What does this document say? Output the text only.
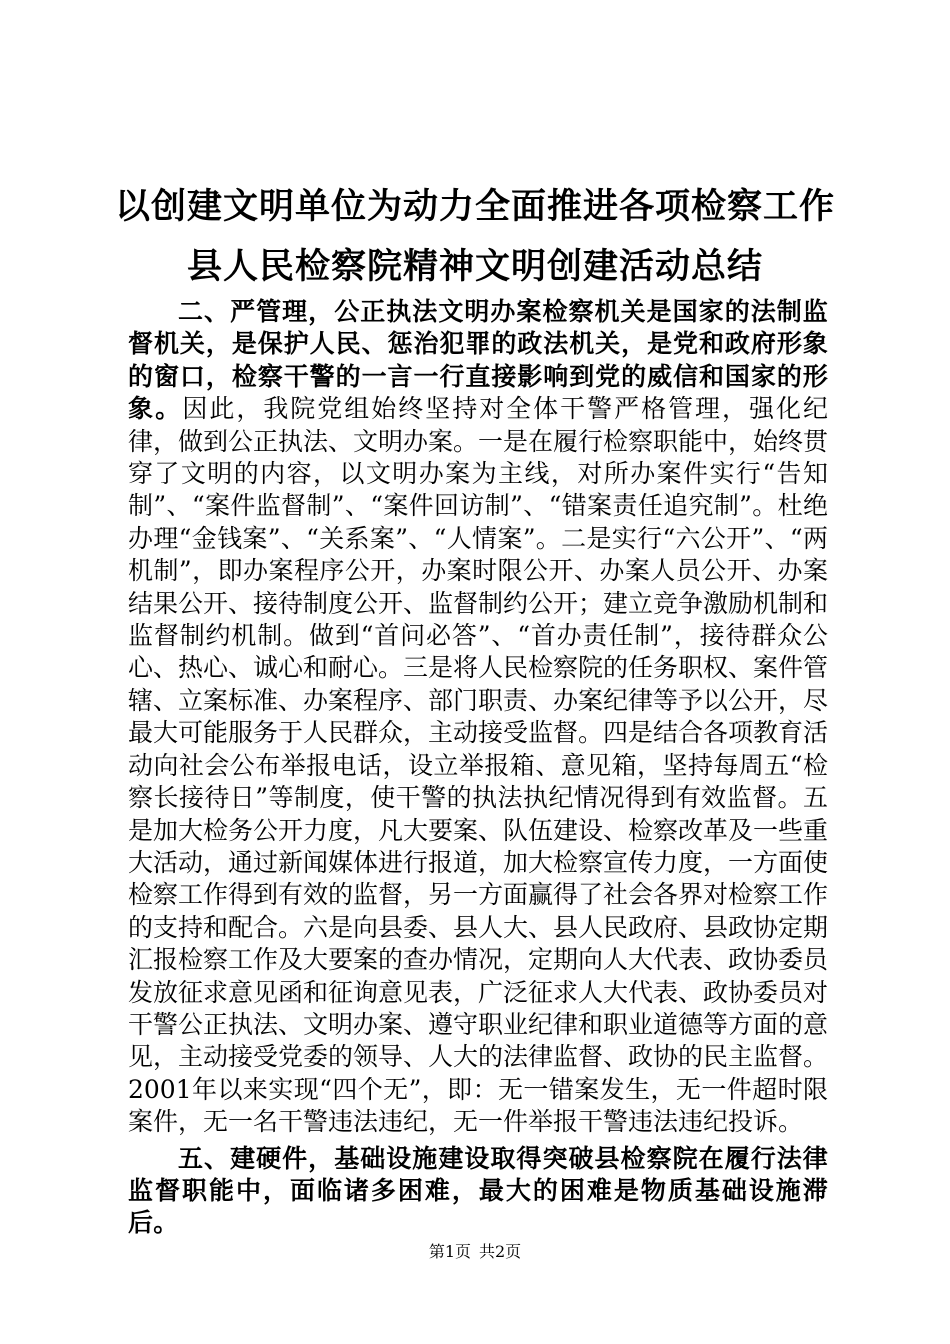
以创建文明单位为动力全面推进各项检察工作
县人民检察院精神文明创建活动总结

二、严管理，公正执法文明办案检察机关是国家的法制监督机关，是保护人民、惩治犯罪的政法机关，是党和政府形象的窗口，检察干警的一言一行直接影响到党的威信和国家的形象。因此，我院党组始终坚持对全体干警严格管理，强化纪律，做到公正执法、文明办案。一是在履行检察职能中，始终贯穿了文明的内容，以文明办案为主线，对所办案件实行“告知制”、“案件监督制”、“案件回访制”、“错案责任追究制”。杜绝办理“金钱案”、“关系案”、“人情案”。二是实行“六公开”、“两机制”，即办案程序公开，办案时限公开、办案人员公开、办案结果公开、接待制度公开、监督制约公开；建立竞争激励机制和监督制约机制。做到“首问必答”、“首办责任制”，接待群众公心、热心、诚心和耐心。三是将人民检察院的任务职权、案件管辖、立案标准、办案程序、部门职责、办案纪律等予以公开，尽最大可能服务于人民群众，主动接受监督。四是结合各项教育活动向社会公布举报电话，设立举报箱、意见箱，坚持每周五“检察长接待日”等制度，使干警的执法执纪情况得到有效监督。五是加大检务公开力度，凡大要案、队伍建设、检察改革及一些重大活动，通过新闻媒体进行报道，加大检察宣传力度，一方面使检察工作得到有效的监督，另一方面赢得了社会各界对检察工作的支持和配合。六是向县委、县人大、县人民政府、县政协定期汇报检察工作及大要案的查办情况，定期向人大代表、政协委员发放征求意见函和征询意见表，广泛征求人大代表、政协委员对干警公正执法、文明办案、遵守职业纪律和职业道德等方面的意见，主动接受党委的领导、人大的法律监督、政协的民主监督。2001年以来实现“四个无”，即：无一错案发生，无一件超时限案件，无一名干警违法违纪，无一件举报干警违法违纪投诉。

五、建硬件，基础设施建设取得突破县检察院在履行法律监督职能中，面临诸多困难，最大的困难是物质基础设施滞后。

第1页 共2页
